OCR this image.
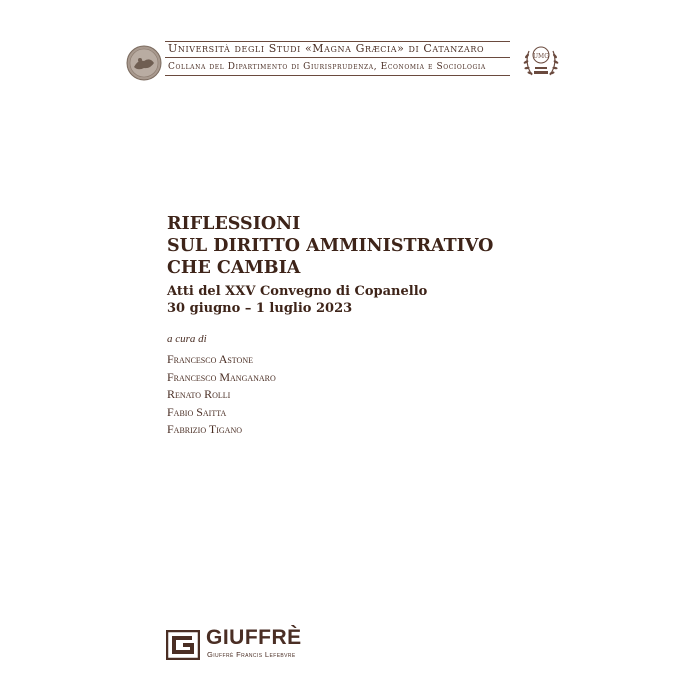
Università degli Studi «Magna Græcia» di Catanzaro
Collana del Dipartimento di Giurisprudenza, Economia e Sociologia
UMG
RIFLESSIONI
SUL DIRITTO AMMINISTRATIVO
CHE CAMBIA
Atti del XXV Convegno di Copanello
30 giugno – 1 luglio 2023
a cura di
Francesco Astone
Francesco Manganaro
Renato Rolli
Fabio Saitta
Fabrizio Tigano
GIUFFRÈ
Giuffrè Francis Lefebvre
